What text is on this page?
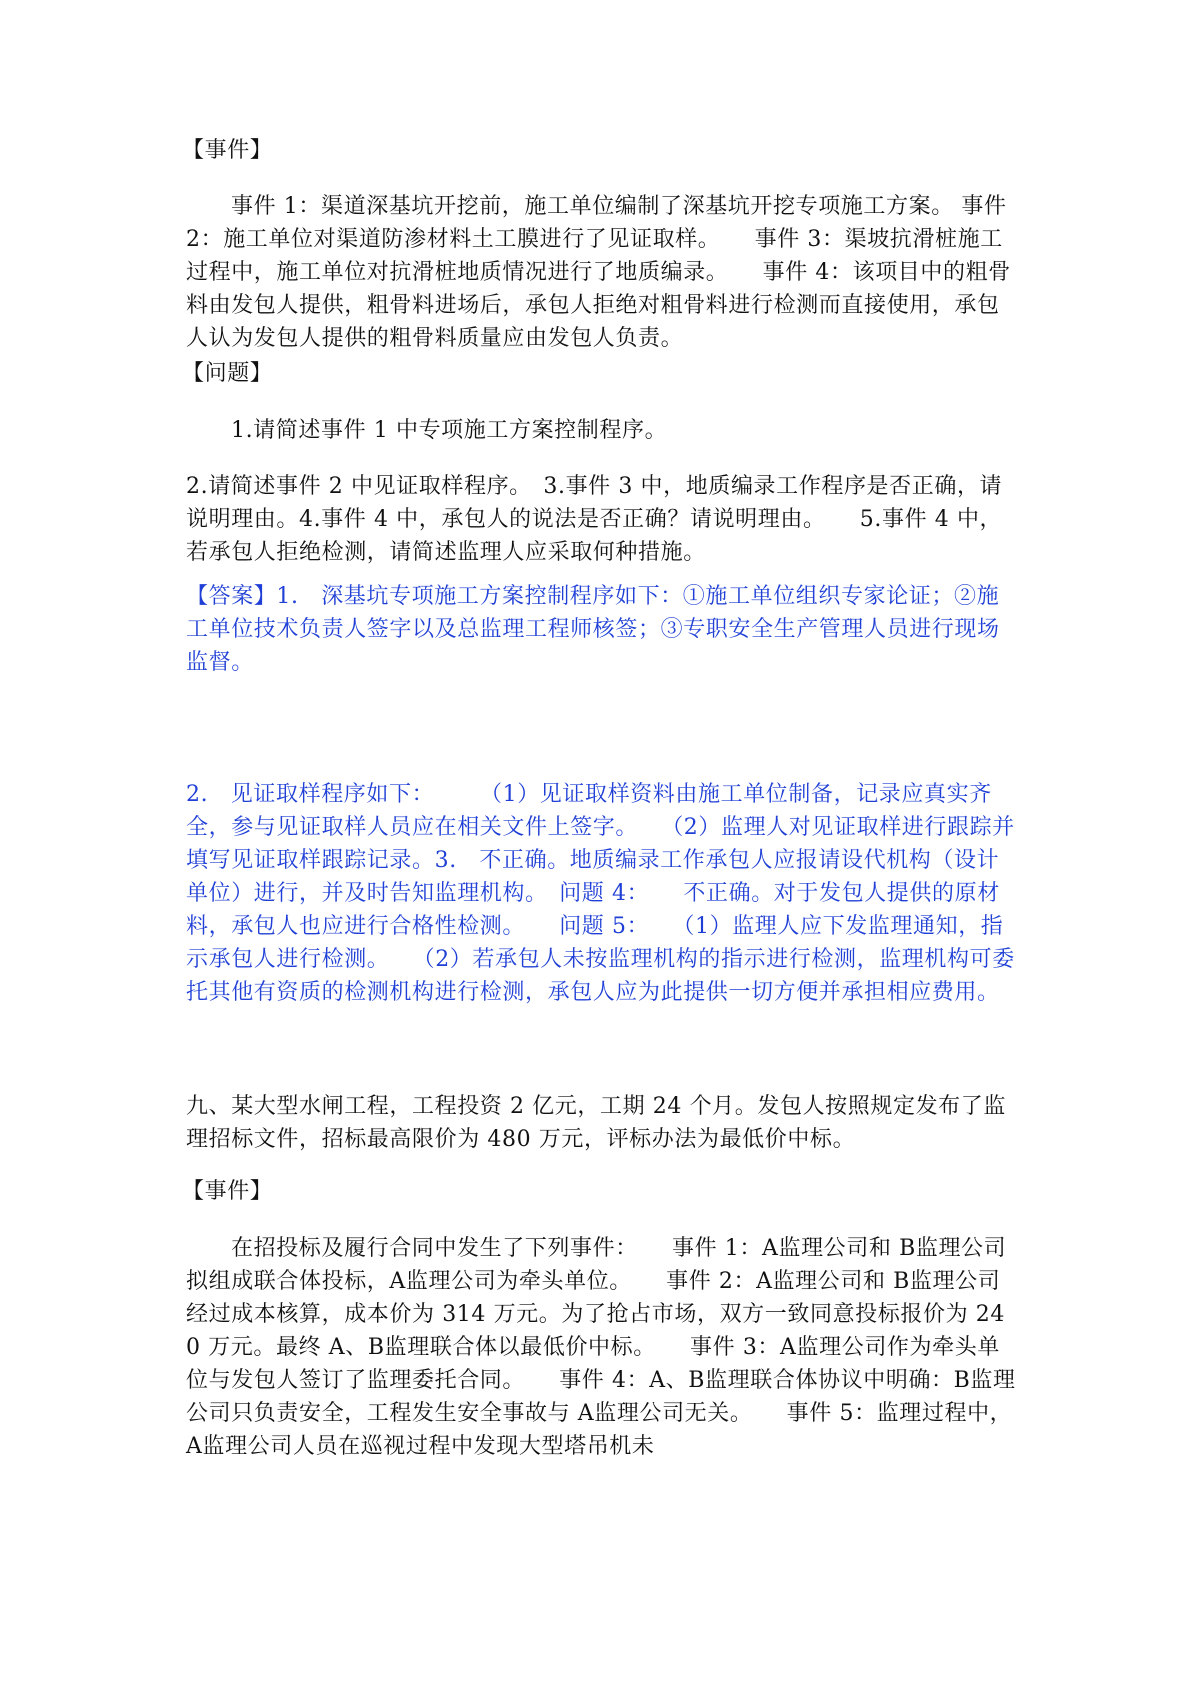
【事件】

事件 1：渠道深基坑开挖前，施工单位编制了深基坑开挖专项施工方案。 事件 2：施工单位对渠道防渗材料土工膜进行了见证取样。　　事件 3：渠坡抗滑桩施工过程中，施工单位对抗滑桩地质情况进行了地质编录。　　事件 4：该项目中的粗骨料由发包人提供，粗骨料进场后，承包人拒绝对粗骨料进行检测而直接使用，承包人认为发包人提供的粗骨料质量应由发包人负责。

【问题】

1.请简述事件 1 中专项施工方案控制程序。

2.请简述事件 2 中见证取样程序。　3.事件 3 中，地质编录工作程序是否正确，请说明理由。4.事件 4 中，承包人的说法是否正确？请说明理由。　　5.事件 4 中，若承包人拒绝检测，请简述监理人应采取何种措施。

【答案】1.　深基坑专项施工方案控制程序如下：①施工单位组织专家论证；②施工单位技术负责人签字以及总监理工程师核签；③专职安全生产管理人员进行现场监督。

2.　见证取样程序如下：　　　（1）见证取样资料由施工单位制备，记录应真实齐全，参与见证取样人员应在相关文件上签字。　　（2）监理人对见证取样进行跟踪并填写见证取样跟踪记录。3.　不正确。地质编录工作承包人应报请设代机构（设计单位）进行，并及时告知监理机构。　问题 4：　　不正确。对于发包人提供的原材料，承包人也应进行合格性检测。　　问题 5：　　（1）监理人应下发监理通知，指示承包人进行检测。　　（2）若承包人未按监理机构的指示进行检测，监理机构可委托其他有资质的检测机构进行检测，承包人应为此提供一切方便并承担相应费用。

九、某大型水闸工程，工程投资 2 亿元，工期 24 个月。发包人按照规定发布了监理招标文件，招标最高限价为 480 万元，评标办法为最低价中标。

【事件】

在招投标及履行合同中发生了下列事件：　　事件 1：A监理公司和 B监理公司拟组成联合体投标，A监理公司为牵头单位。　　事件 2：A监理公司和 B监理公司经过成本核算，成本价为 314 万元。为了抢占市场，双方一致同意投标报价为 240 万元。最终 A、B监理联合体以最低价中标。　　事件 3：A监理公司作为牵头单位与发包人签订了监理委托合同。　　事件 4：A、B监理联合体协议中明确：B监理公司只负责安全，工程发生安全事故与 A监理公司无关。　　事件 5：监理过程中，A监理公司人员在巡视过程中发现大型塔吊机未
